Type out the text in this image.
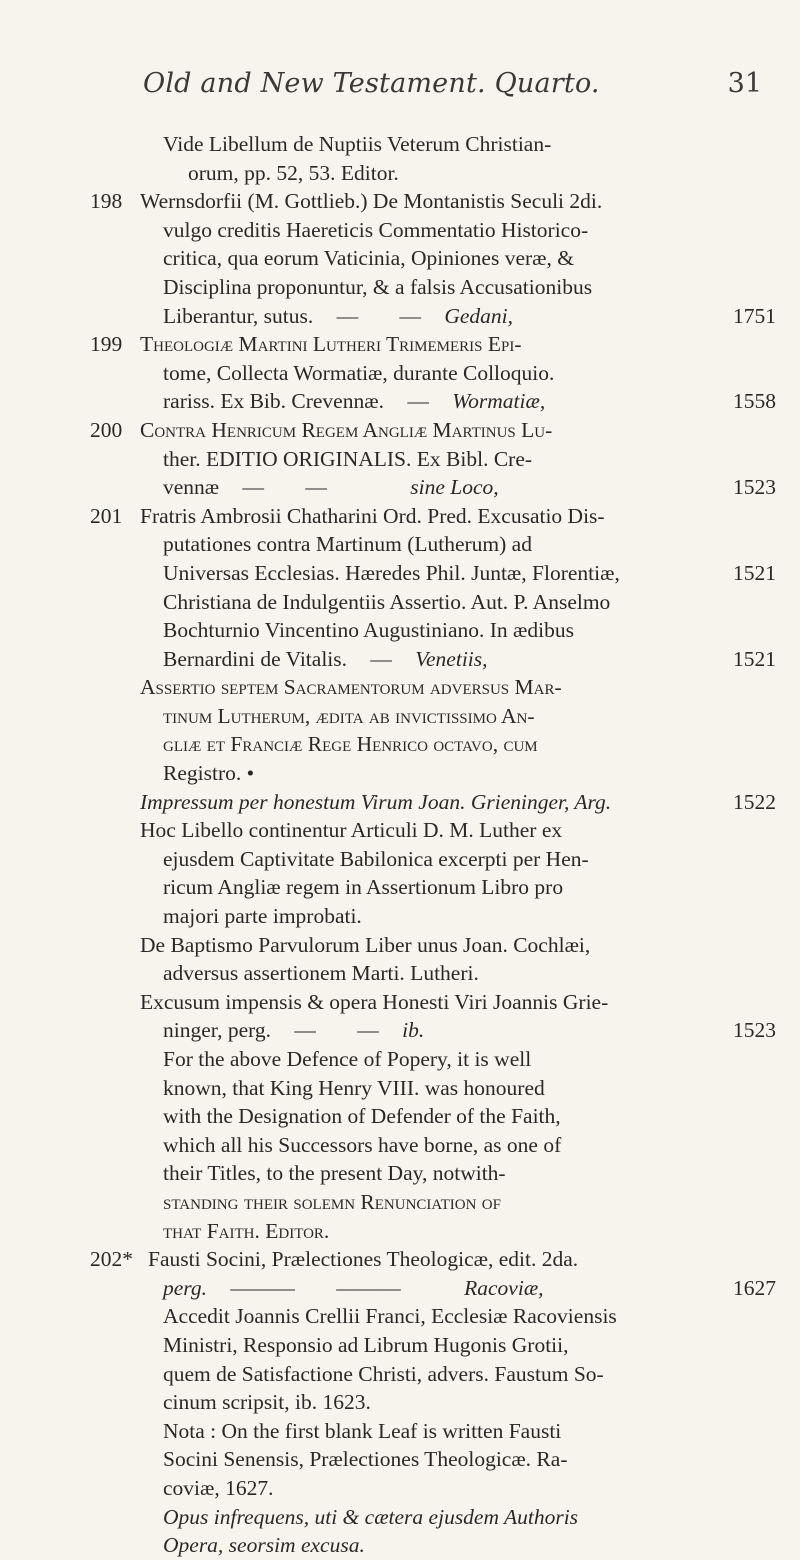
Old and New Testament. Quarto.	31
Vide Libellum de Nuptiis Veterum Christian-
orum, pp. 52, 53. Editor.
198 Wernsdorfii (M. Gottlieb.) De Montanistis Seculi 2di.
vulgo creditis Haereticis Commentatio Historico-
critica, qua eorum Vaticinia, Opiniones veræ, &
Disciplina proponuntur, & a falsis Accusationibus
Liberantur, sutus. — — Gedani,	1751
199 Theologiæ Martini Lutheri Trimemeris Epi-
tome, Collecta Wormatiæ, durante Colloquio.
rariss. Ex Bib. Crevennæ. — Wormatiæ,	1558
200 Contra Henricum Regem Angliæ Martinus Lu-
ther. EDITIO ORIGINALIS. Ex Bibl. Cre-
vennæ — —	sine Loco,	1523
201 Fratris Ambrosii Chatharini Ord. Pred. Excusatio Dis-
putationes contra Martinum (Lutherum) ad
Universas Ecclesias. Hæredes Phil. Juntæ, Florentiæ,	1521
Christiana de Indulgentiis Assertio. Aut. P. Anselmo
Bochturnio Vincentino Augustiniano. In ædibus
Bernardini de Vitalis. — Venetiis,	1521
Assertio septem Sacramentorum adversus Mar-
tinum Lutherum, ædita ab invictissimo An-
gliæ et Franciæ Rege Henrico octavo, cum
Registro. •
Impressum per honestum Virum Joan. Grieninger, Arg.	1522
Hoc Libello continentur Articuli D. M. Luther ex
ejusdem Captivitate Babilonica excerpti per Hen-
ricum Angliæ regem in Assertionum Libro pro
majori parte improbati.
De Baptismo Parvulorum Liber unus Joan. Cochlæi,
adversus assertionem Marti. Lutheri.
Excusum impensis & opera Honesti Viri Joannis Grie-
ninger, perg. — — ib.	1523
For the above Defence of Popery, it is well
known, that King Henry VIII. was honoured
with the Designation of Defender of the Faith,
which all his Successors have borne, as one of
their Titles, to the present Day, notwith-
standing their solemn Renunciation of
that Faith. Editor.
202* Fausti Socini, Prælectiones Theologicæ, edit. 2da.
perg. ——— ———	Racoviæ,	1627
Accedit Joannis Crellii Franci, Ecclesiæ Racoviensis
Ministri, Responsio ad Librum Hugonis Grotii,
quem de Satisfactione Christi, advers. Faustum So-
cinum scripsit, ib. 1623.
Nota : On the first blank Leaf is written Fausti
Socini Senensis, Prælectiones Theologicæ. Ra-
coviæ, 1627.
Opus infrequens, uti & cætera ejusdem Authoris
Opera, seorsim excusa.
